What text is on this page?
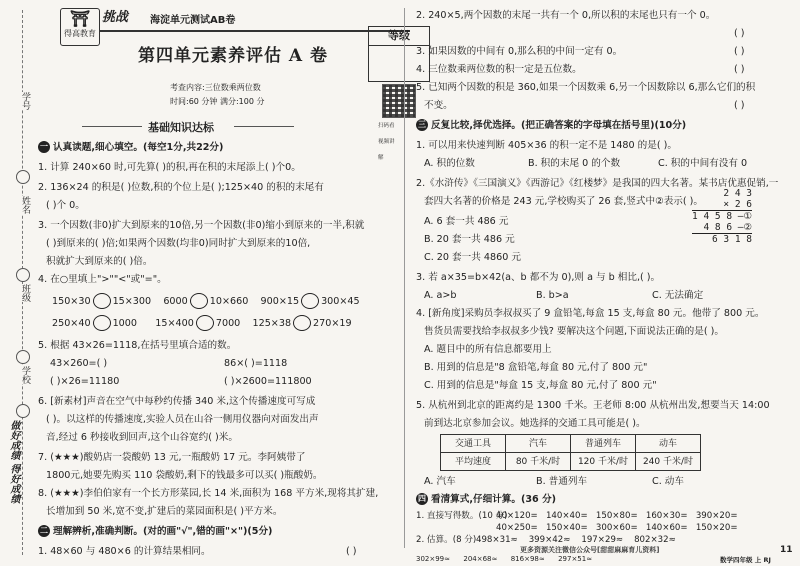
学号
姓名
班级
学校
做好成绩 得好成绩
⛩
得高教育
挑战 海淀单元测试AB卷
等级
第四单元素养评估 A 卷
考查内容:三位数乘两位数
时间:60 分钟 满分:100 分
扫码看视频讲解
基础知识达标
一 认真读题,细心填空。(每空1分,共22分)
1. 计算 240×60 时,可先算( )的积,再在积的末尾添上( )个0。
2. 136×24 的积是( )位数,积的个位上是( );125×40 的积的末尾有
( )个 0。
3. 一个因数(非0)扩大到原来的10倍,另一个因数(非0)缩小到原来的一半,积就
( )到原来的( )倍;如果两个因数(均非0)同时扩大到原来的10倍,
积就扩大到原来的( )倍。
4. 在○里填上">""<"或"="。
150×30 15×300 6000 10×660 900×15 300×45
250×40 1000 15×400 7000 125×38 270×19
5. 根据 43×26=1118,在括号里填合适的数。
43×260=( )	86×( )=1118
( )×26=11180	( )×2600=111800
6. [新素材]声音在空气中每秒约传播 340 米,这个传播速度可写成
( )。以这样的传播速度,实验人员在山谷一侧用仪器向对面发出声
音,经过 6 秒接收到回声,这个山谷宽约( )米。
7. (★★★)酸奶店一袋酸奶 13 元,一瓶酸奶 17 元。李阿姨带了
1800元,她要先购买 110 袋酸奶,剩下的钱最多可以买( )瓶酸奶。
8. (★★★)李伯伯家有一个长方形菜园,长 14 米,面积为 168 平方米,现将其扩建,
长增加到 50 米,宽不变,扩建后的菜园面积是( )平方米。
二 理解辨析,准确判断。(对的画"√",错的画"×")(5分)
1. 48×60 与 480×6 的计算结果相同。	( )
2. 240×5,两个因数的末尾一共有一个 0,所以积的末尾也只有一个 0。
( )
3. 如果因数的中间有 0,那么积的中间一定有 0。	( )
4. 三位数乘两位数的积一定是五位数。	( )
5. 已知两个因数的积是 360,如果一个因数乘 6,另一个因数除以 6,那么它们的积
不变。	( )
三 反复比较,择优选择。(把正确答案的字母填在括号里)(10分)
1. 可以用来快速判断 405×36 的积一定不是 1480 的是( )。
A. 积的位数	B. 积的末尾 0 的个数	C. 积的中间有没有 0
2.《水浒传》《三国演义》《西游记》《红楼梦》是我国的四大名著。某书店优惠促销,一
套四大名著的价格是 243 元,学校购买了 26 套,竖式中②表示( )。
A. 6 套一共 486 元
B. 20 套一共 486 元
C. 20 套一共 4860 元
2 4 3
× 2 6
1 4 5 8 —①
4 8 6 —②
6 3 1 8
3. 若 a×35=b×42(a、b 都不为 0),则 a 与 b 相比,( )。
A. a>b	B. b>a	C. 无法确定
4. [新角度]采购员李叔叔买了 9 盒铅笔,每盒 15 支,每盒 80 元。他带了 800 元。
售货员需要找给李叔叔多少钱? 要解决这个问题,下面说法正确的是( )。
A. 题目中的所有信息都要用上
B. 用到的信息是"8 盒铅笔,每盒 80 元,付了 800 元"
C. 用到的信息是"每盒 15 支,每盒 80 元,付了 800 元"
5. 从杭州到北京的距离约是 1300 千米。王老师 8:00 从杭州出发,想要当天 14:00
前到达北京参加会议。她选择的交通工具可能是( )。
交通工具	汽车	普通列车	动车
平均速度	80 千米/时	120 千米/时	240 千米/时
A. 汽车	B. 普通列车	C. 动车
四 看清算式,仔细计算。(36 分)
1. 直接写得数。(10 分)
40×120= 140×40= 150×80= 160×30= 390×20=
40×250= 150×40= 300×60= 140×60= 150×20=
2. 估算。(8 分) 498×31≈ 399×42≈ 197×29≈ 802×32≈
302×99≈ 204×68≈ 816×98≈ 297×51≈
更多资源关注微信公众号[甜甜麻麻育儿资料]
数学四年级 上 RJ
11
